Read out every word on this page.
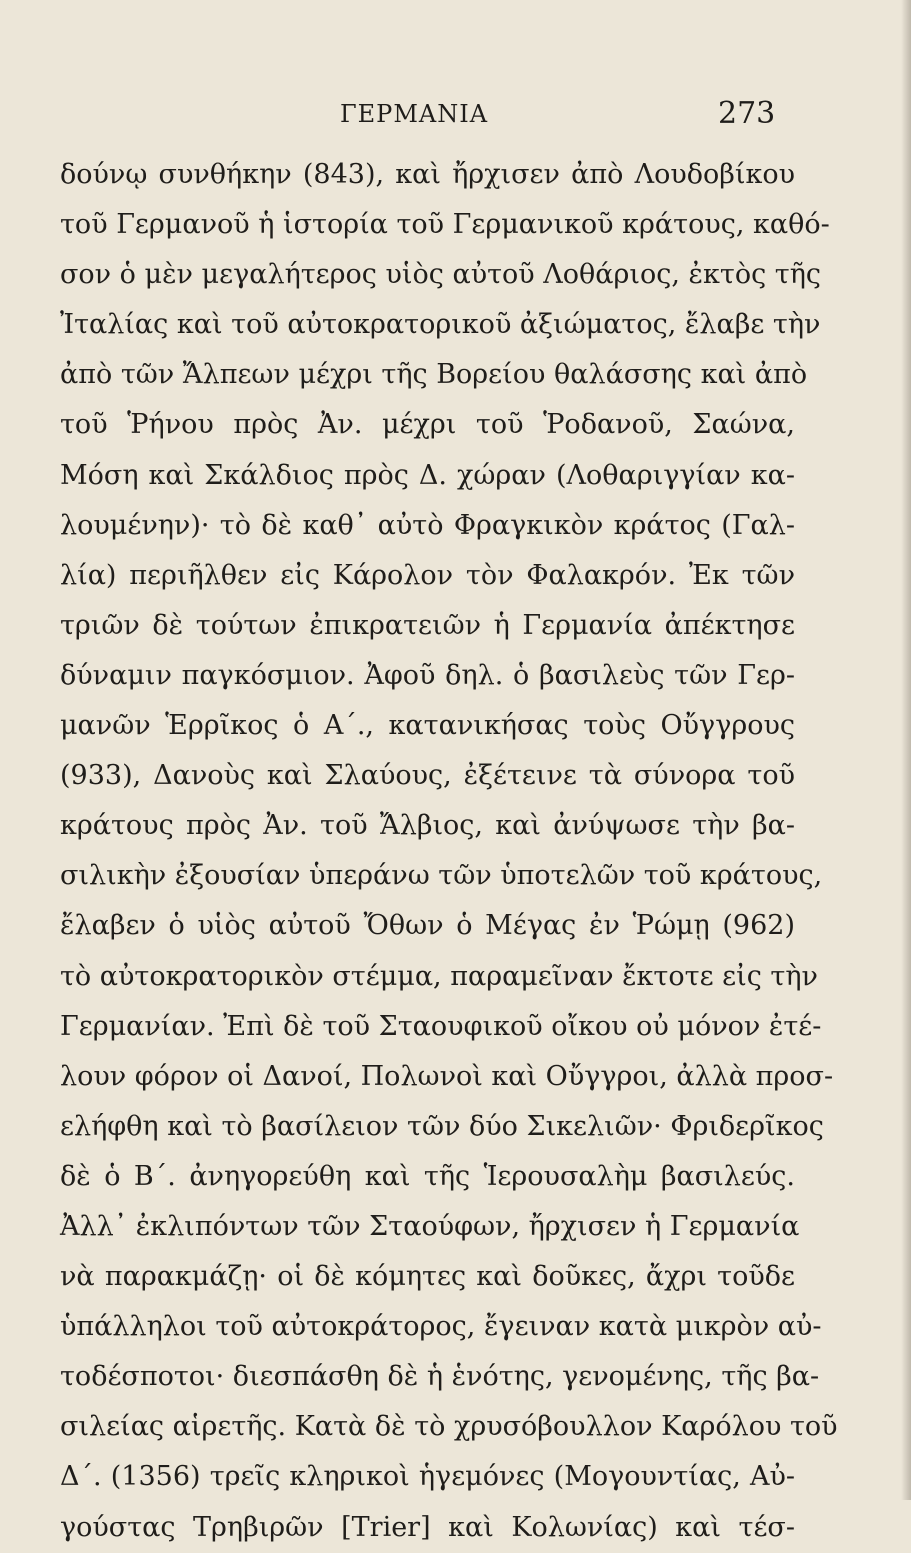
ΓΕΡΜΑΝΙΑ	273
δούνῳ συνθήκην (843), καὶ ἤρχισεν ἀπὸ Λουδοβίκου
τοῦ Γερμανοῦ ἡ ἱστορία τοῦ Γερμανικοῦ κράτους, καθό-
σον ὁ μὲν μεγαλήτερος υἱὸς αὐτοῦ Λοθάριος, ἐκτὸς τῆς
Ἰταλίας καὶ τοῦ αὐτοκρατορικοῦ ἀξιώματος, ἔλαβε τὴν
ἀπὸ τῶν Ἄλπεων μέχρι τῆς Βορείου θαλάσσης καὶ ἀπὸ
τοῦ Ῥήνου πρὸς Ἀν. μέχρι τοῦ Ῥοδανοῦ, Σαώνα,
Μόση καὶ Σκάλδιος πρὸς Δ. χώραν (Λοθαριγγίαν κα-
λουμένην)· τὸ δὲ καθ᾽ αὐτὸ Φραγκικὸν κράτος (Γαλ-
λία) περιῆλθεν εἰς Κάρολον τὸν Φαλακρόν. Ἐκ τῶν
τριῶν δὲ τούτων ἐπικρατειῶν ἡ Γερμανία ἀπέκτησε
δύναμιν παγκόσμιον. Ἀφοῦ δηλ. ὁ βασιλεὺς τῶν Γερ-
μανῶν Ἑρρῖκος ὁ Α΄., κατανικήσας τοὺς Οὔγγρους
(933), Δανοὺς καὶ Σλαύους, ἐξέτεινε τὰ σύνορα τοῦ
κράτους πρὸς Ἀν. τοῦ Ἄλβιος, καὶ ἀνύψωσε τὴν βα-
σιλικὴν ἐξουσίαν ὑπεράνω τῶν ὑποτελῶν τοῦ κράτους,
ἔλαβεν ὁ υἱὸς αὐτοῦ Ὄθων ὁ Μέγας ἐν Ῥώμῃ (962)
τὸ αὐτοκρατορικὸν στέμμα, παραμεῖναν ἔκτοτε εἰς τὴν
Γερμανίαν. Ἐπὶ δὲ τοῦ Σταουφικοῦ οἴκου οὐ μόνον ἐτέ-
λουν φόρον οἱ Δανοί, Πολωνοὶ καὶ Οὔγγροι, ἀλλὰ προσ-
ελήφθη καὶ τὸ βασίλειον τῶν δύο Σικελιῶν· Φριδερῖκος
δὲ ὁ Β΄. ἀνηγορεύθη καὶ τῆς Ἱερουσαλὴμ βασιλεύς.
Ἀλλ᾽ ἐκλιπόντων τῶν Σταούφων, ἤρχισεν ἡ Γερμανία
νὰ παρακμάζῃ· οἱ δὲ κόμητες καὶ δοῦκες, ἄχρι τοῦδε
ὑπάλληλοι τοῦ αὐτοκράτορος, ἔγειναν κατὰ μικρὸν αὐ-
τοδέσποτοι· διεσπάσθη δὲ ἡ ἑνότης, γενομένης, τῆς βα-
σιλείας αἱρετῆς. Κατὰ δὲ τὸ χρυσόβουλλον Καρόλου τοῦ
Δ΄. (1356) τρεῖς κληρικοὶ ἡγεμόνες (Μογουντίας, Αὐ-
γούστας Τρηβιρῶν [Trier] καὶ Κολωνίας) καὶ τέσ-
